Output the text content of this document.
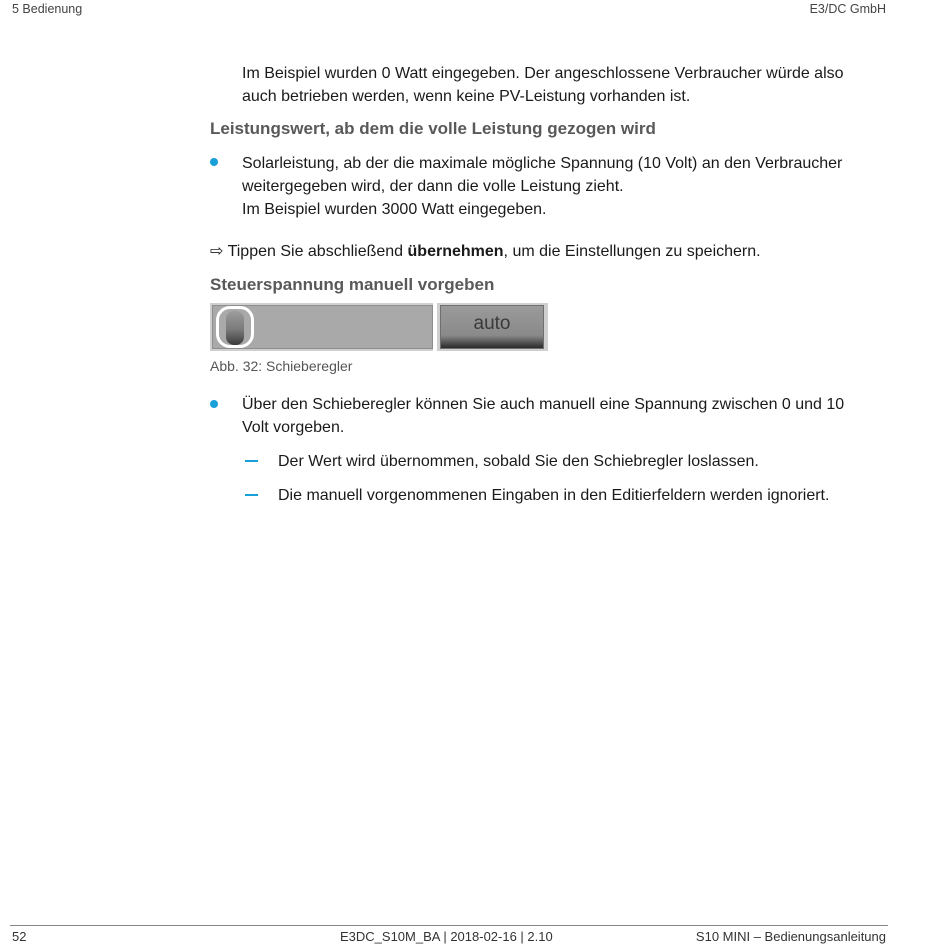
5 Bedienung	E3/DC GmbH
Im Beispiel wurden 0 Watt eingegeben. Der angeschlossene Verbraucher würde also auch betrieben werden, wenn keine PV-Leistung vorhanden ist.
Leistungswert, ab dem die volle Leistung gezogen wird
Solarleistung, ab der die maximale mögliche Spannung (10 Volt) an den Verbraucher
weitergegeben wird, der dann die volle Leistung zieht.
Im Beispiel wurden 3000 Watt eingegeben.
⇨ Tippen Sie abschließend übernehmen, um die Einstellungen zu speichern.
Steuerspannung manuell vorgeben
auto
Abb. 32: Schieberegler
Über den Schieberegler können Sie auch manuell eine Spannung zwischen 0 und 10
Volt vorgeben.
Der Wert wird übernommen, sobald Sie den Schiebregler loslassen.
Die manuell vorgenommenen Eingaben in den Editierfeldern werden ignoriert.
52	E3DC_S10M_BA | 2018-02-16 | 2.10	S10 MINI – Bedienungsanleitung
